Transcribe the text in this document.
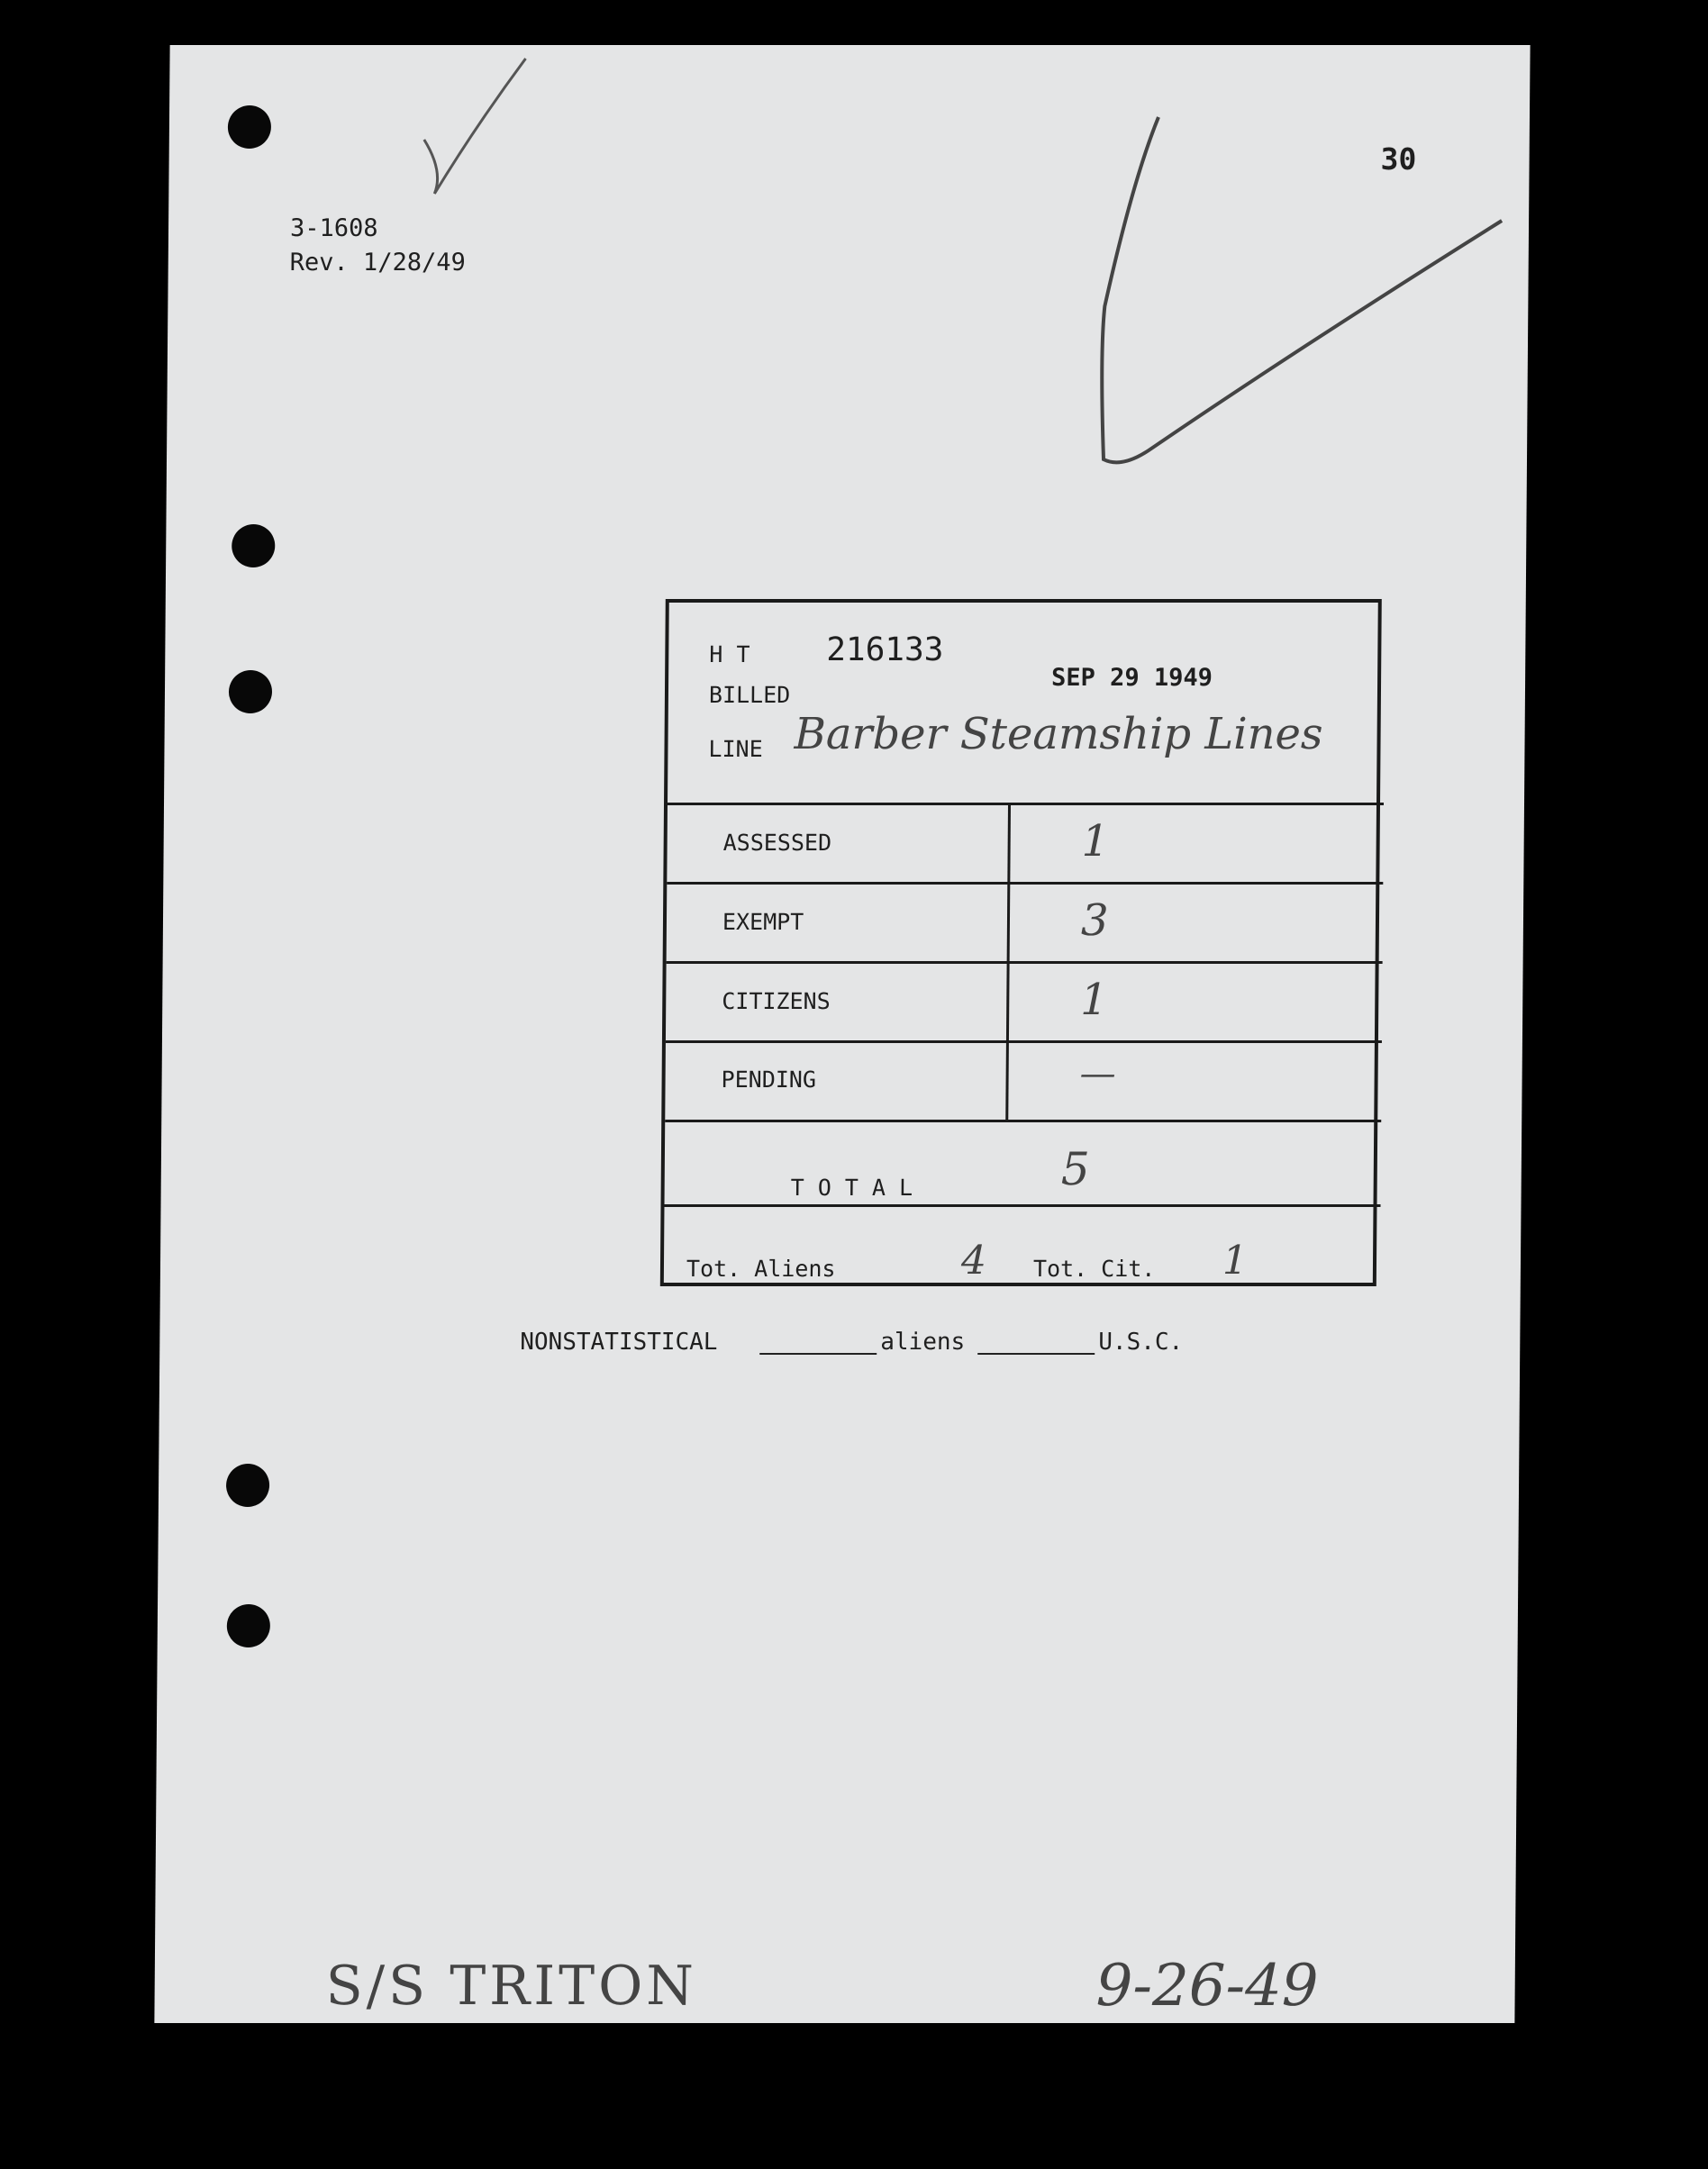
3-1608
Rev. 1/28/49
30
H T 216133
SEP 29 1949
BILLED
LINE Barber Steamship Lines
ASSESSED	1
EXEMPT	3
CITIZENS	1
PENDING	—
T O T A L	5
Tot. Aliens	4 Tot. Cit. 1
NONSTATISTICAL	aliens	U.S.C.
S/S TRITON	9-26-49
